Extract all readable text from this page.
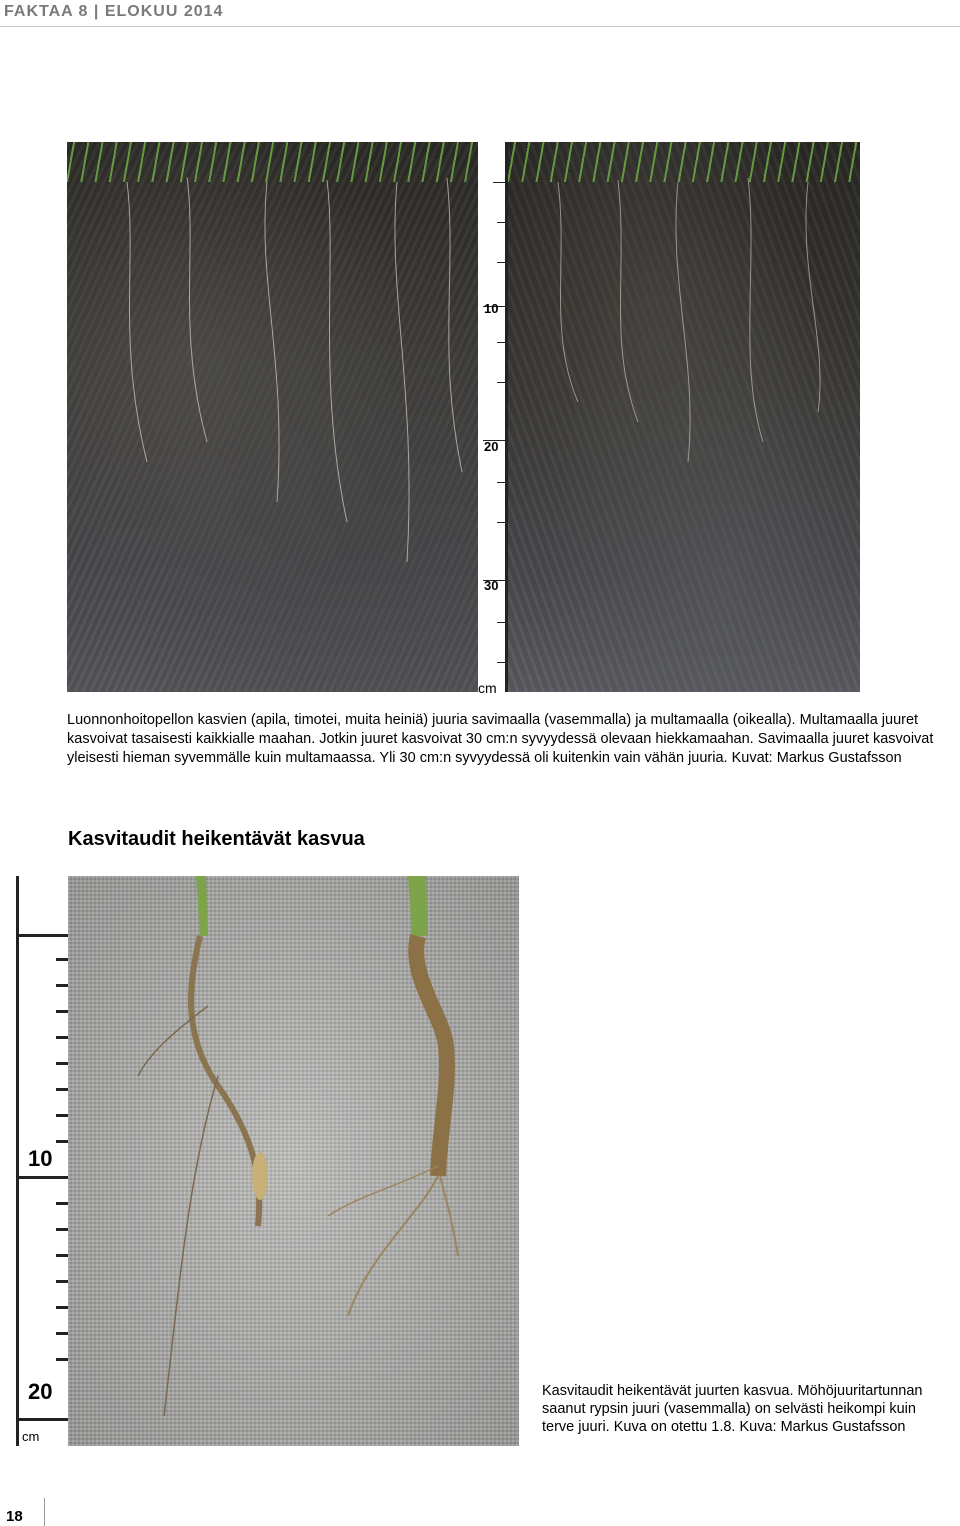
FAKTAA 8 | ELOKUU 2014
10
20
30
cm
Luonnonhoitopellon kasvien (apila, timotei, muita heiniä) juuria savimaalla (vasemmalla) ja multamaalla (oikealla). Multamaalla juuret kasvoivat tasaisesti kaikkialle maahan. Jotkin juuret kasvoivat 30 cm:n syvyydessä olevaan hiekkamaahan. Savimaalla juuret kasvoivat yleisesti hieman syvemmälle kuin multamaassa. Yli 30 cm:n syvyydessä oli kuitenkin vain vähän juuria. Kuvat: Markus Gustafsson
Kasvitaudit heikentävät kasvua
10
20
cm
Kasvitaudit heikentävät juurten kasvua. Möhöjuuritartunnan saanut rypsin juuri (vasemmalla) on selvästi heikompi kuin terve juuri. Kuva on otettu 1.8. Kuva: Markus Gustafsson
18
